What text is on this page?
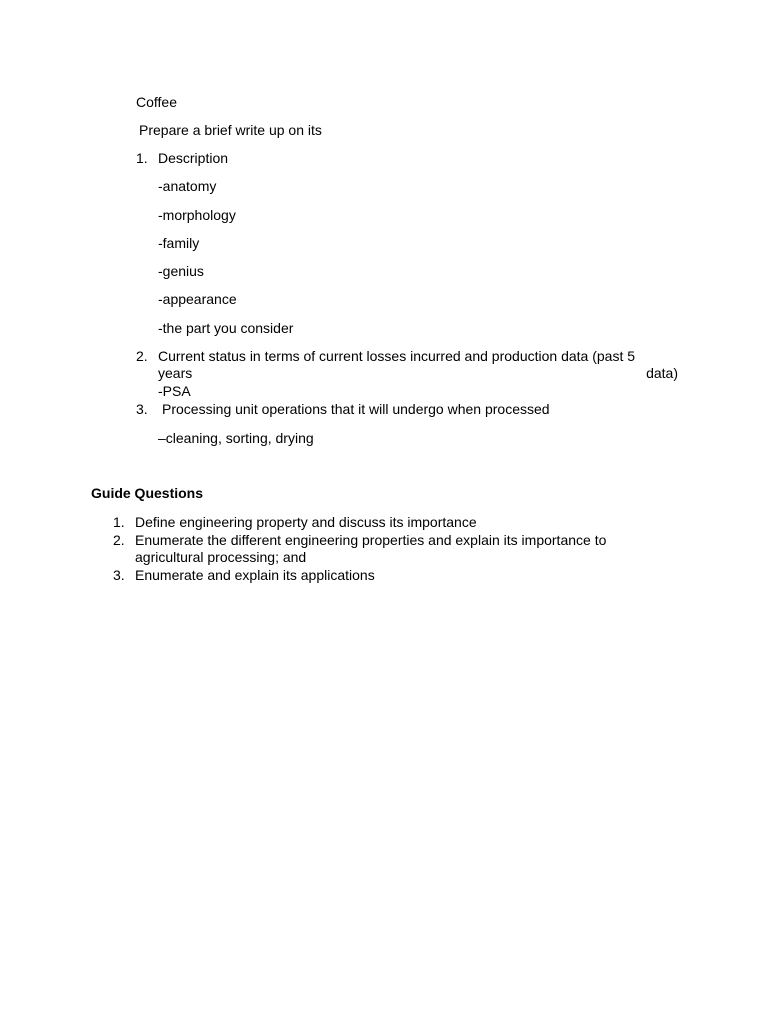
Coffee
Prepare a brief write up on its
1. Description
-anatomy
-morphology
-family
-genius
-appearance
-the part you consider
2. Current status in terms of current losses incurred and production data (past 5
years	data)
-PSA
3. Processing unit operations that it will undergo when processed
–cleaning, sorting, drying
Guide Questions
1. Define engineering property and discuss its importance
2. Enumerate the different engineering properties and explain its importance to
agricultural processing; and
3. Enumerate and explain its applications
